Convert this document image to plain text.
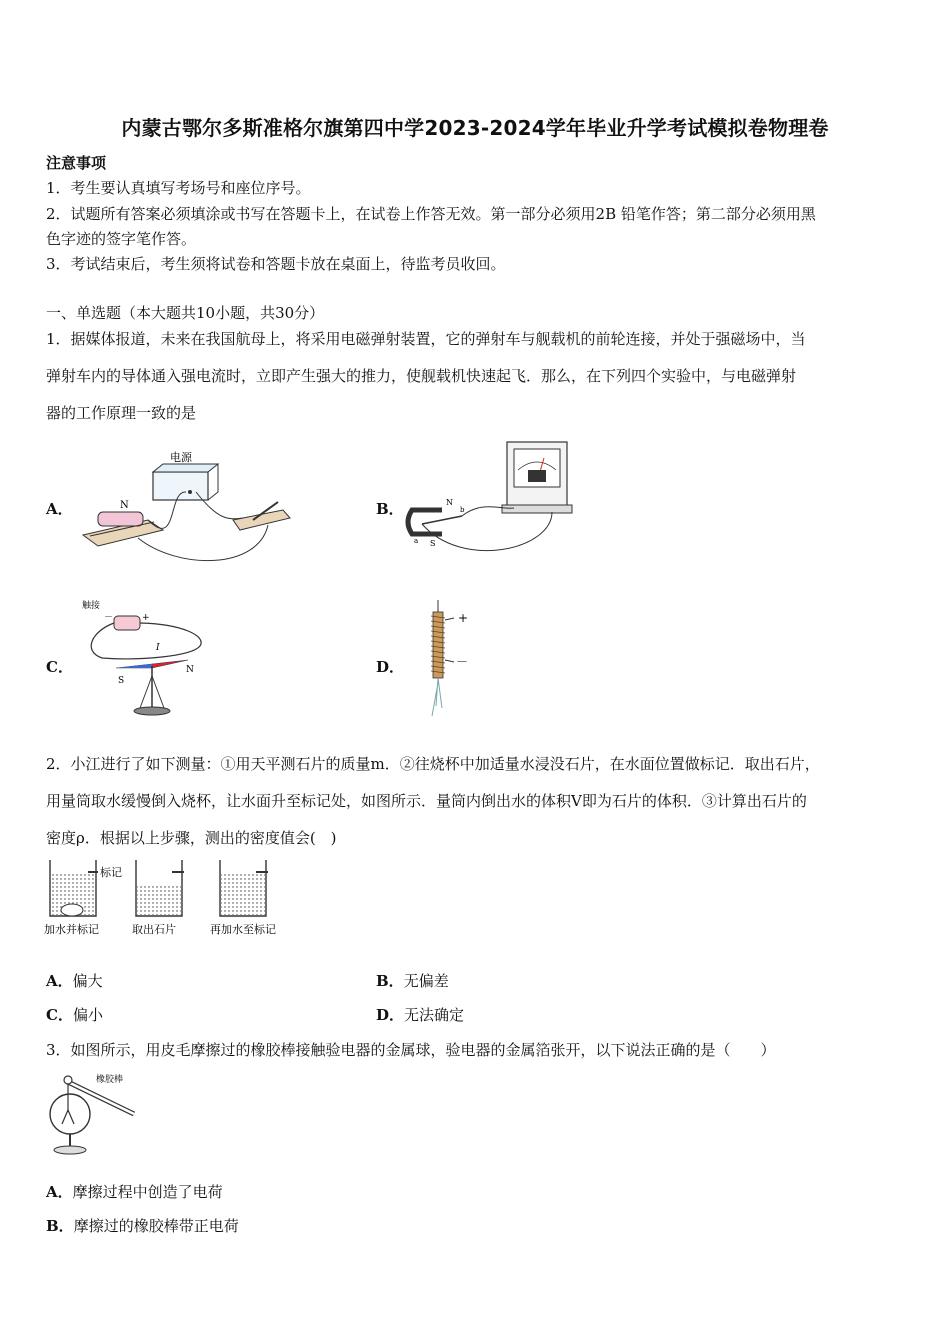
内蒙古鄂尔多斯准格尔旗第四中学2023-2024学年毕业升学考试模拟卷物理卷
注意事项
1．考生要认真填写考场号和座位序号。
2．试题所有答案必须填涂或书写在答题卡上，在试卷上作答无效。第一部分必须用2B 铅笔作答；第二部分必须用黑
色字迹的签字笔作答。
3．考试结束后，考生须将试卷和答题卡放在桌面上，待监考员收回。
一、单选题（本大题共10小题，共30分）
1．据媒体报道，未来在我国航母上，将采用电磁弹射装置，它的弹射车与舰载机的前轮连接，并处于强磁场中，当
弹射车内的导体通入强电流时，立即产生强大的推力，使舰载机快速起飞．那么，在下列四个实验中，与电磁弹射
器的工作原理一致的是
A．	B．
C．	D．
电源
N	N
S
a
b
触接
－	+
I
N
S
+
－
2．小江进行了如下测量：①用天平测石片的质量m．②往烧杯中加适量水浸没石片，在水面位置做标记．取出石片，
用量筒取水缓慢倒入烧杯，让水面升至标记处，如图所示．量筒内倒出水的体积V即为石片的体积．③计算出石片的
密度ρ．根据以上步骤，测出的密度值会(　)
标记
加水并标记	取出石片	再加水至标记
A．偏大	B．无偏差
C．偏小	D．无法确定
3．如图所示，用皮毛摩擦过的橡胶棒接触验电器的金属球，验电器的金属箔张开，以下说法正确的是（　　）
橡胶棒
A．摩擦过程中创造了电荷
B．摩擦过的橡胶棒带正电荷
